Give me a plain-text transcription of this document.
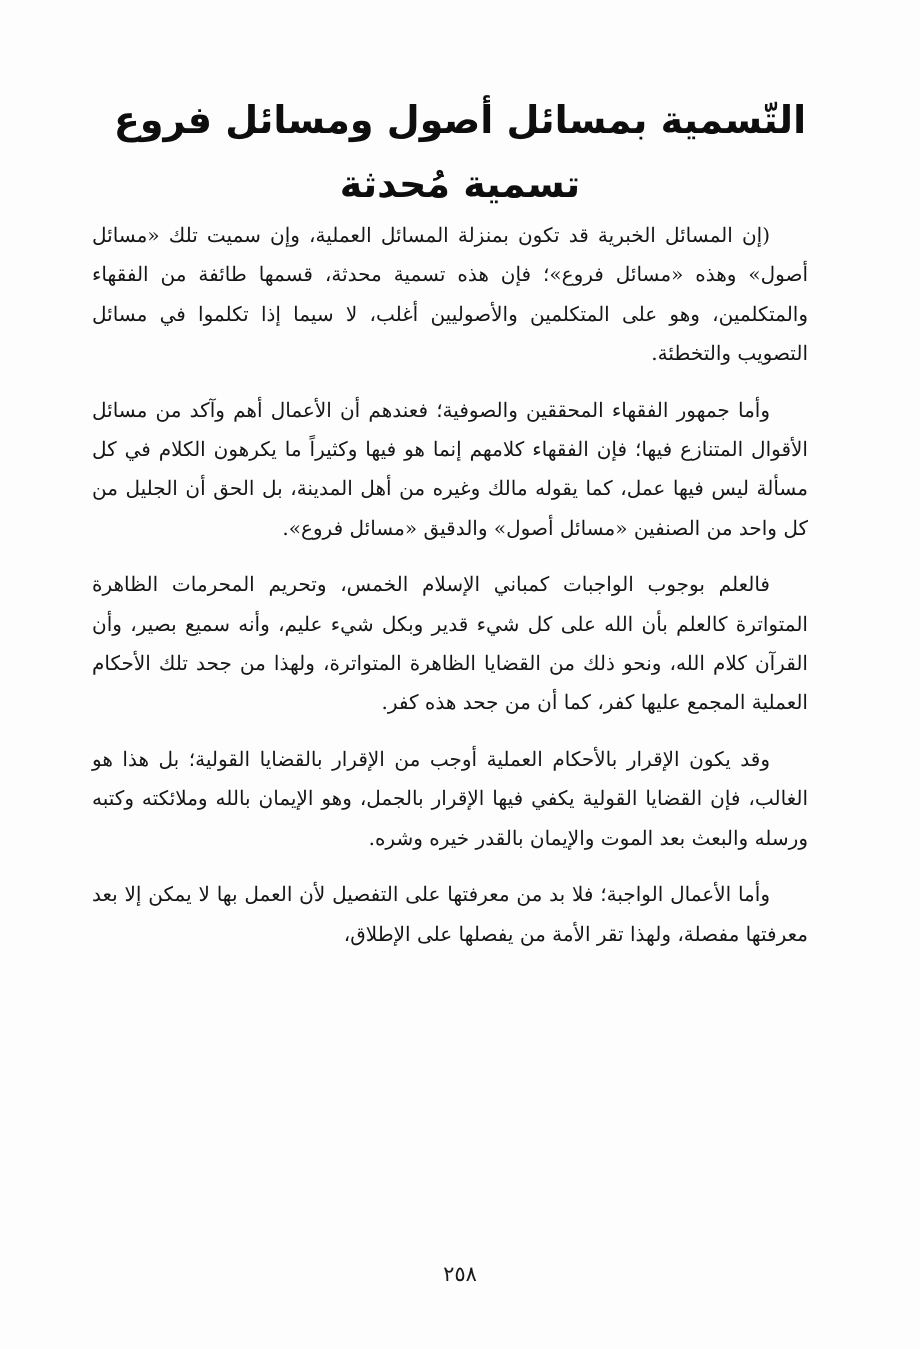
التّسمية بمسائل أصول ومسائل فروع تسمية مُحدثة

(إن المسائل الخبرية قد تكون بمنزلة المسائل العملية، وإن سميت تلك «مسائل أصول» وهذه «مسائل فروع»؛ فإن هذه تسمية محدثة، قسمها طائفة من الفقهاء والمتكلمين، وهو على المتكلمين والأصوليين أغلب، لا سيما إذا تكلموا في مسائل التصويب والتخطئة.

وأما جمهور الفقهاء المحققين والصوفية؛ فعندهم أن الأعمال أهم وآكد من مسائل الأقوال المتنازع فيها؛ فإن الفقهاء كلامهم إنما هو فيها وكثيراً ما يكرهون الكلام في كل مسألة ليس فيها عمل، كما يقوله مالك وغيره من أهل المدينة، بل الحق أن الجليل من كل واحد من الصنفين «مسائل أصول» والدقيق «مسائل فروع».

فالعلم بوجوب الواجبات كمباني الإسلام الخمس، وتحريم المحرمات الظاهرة المتواترة كالعلم بأن الله على كل شيء قدير وبكل شيء عليم، وأنه سميع بصير، وأن القرآن كلام الله، ونحو ذلك من القضايا الظاهرة المتواترة، ولهذا من جحد تلك الأحكام العملية المجمع عليها كفر، كما أن من جحد هذه كفر.

وقد يكون الإقرار بالأحكام العملية أوجب من الإقرار بالقضايا القولية؛ بل هذا هو الغالب، فإن القضايا القولية يكفي فيها الإقرار بالجمل، وهو الإيمان بالله وملائكته وكتبه ورسله والبعث بعد الموت والإيمان بالقدر خيره وشره.

وأما الأعمال الواجبة؛ فلا بد من معرفتها على التفصيل لأن العمل بها لا يمكن إلا بعد معرفتها مفصلة، ولهذا تقر الأمة من يفصلها على الإطلاق،

٢٥٨
